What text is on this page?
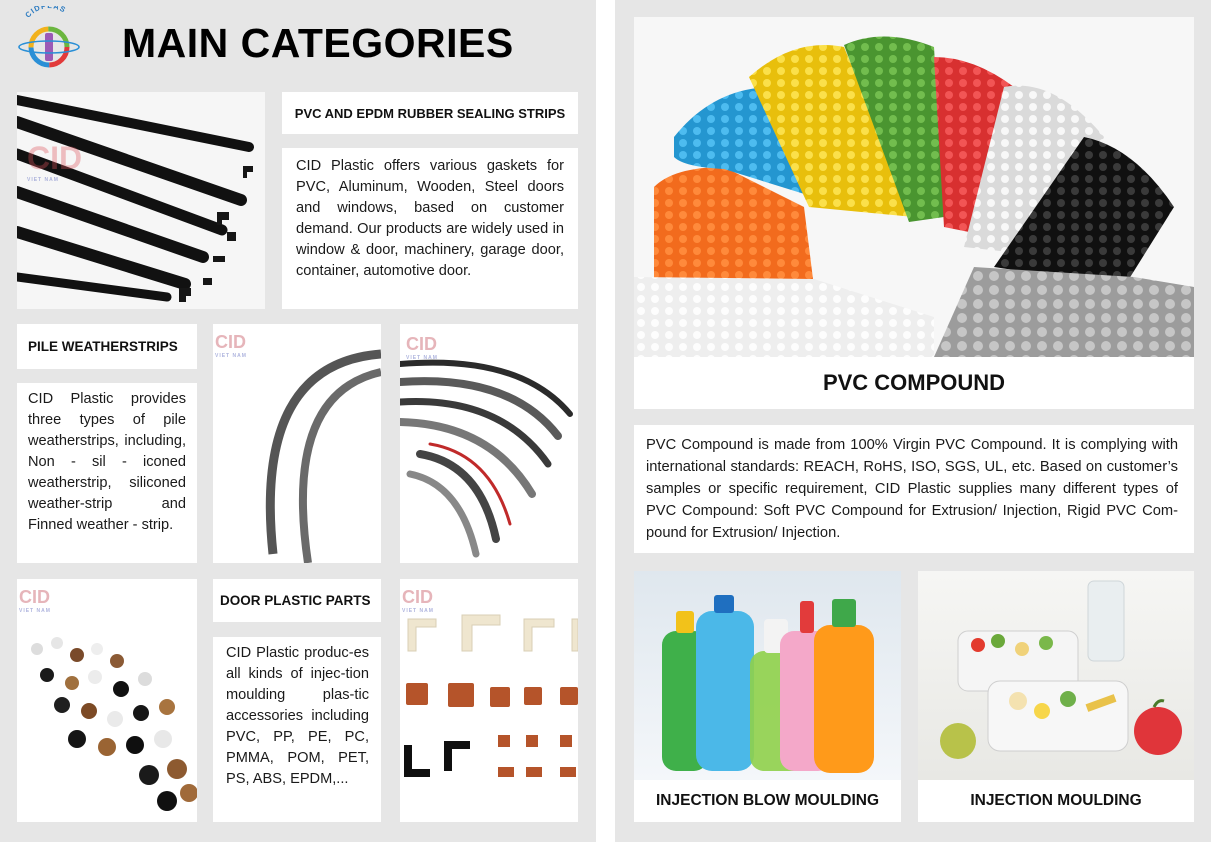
CIDP AS
MAIN CATEGORIES
CID
VIET NAM
PVC AND EPDM RUBBER SEALING STRIPS
CID Plastic offers various gaskets for PVC, Aluminum, Wooden, Steel doors and windows, based on customer demand. Our products are widely used in window & door, machinery, garage door, container, automotive door.
PILE WEATHERSTRIPS
CID Plastic provides three types of pile weatherstrips, including, Non - sil - iconed weatherstrip, siliconed weather-strip and Finned weather - strip.
CID
VIET NAM
CID
VIET NAM
CID
VIET NAM
DOOR PLASTIC PARTS
CID Plastic produc-es all kinds of injec-tion moulding plas-tic accessories including PVC, PP, PE, PC, PMMA, POM, PET, PS, ABS, EPDM,...
CID
VIET NAM
PVC COMPOUND
PVC Compound is made from 100% Virgin PVC Compound. It is complying with international standards: REACH, RoHS, ISO, SGS, UL, etc. Based on customer’s samples or specific requirement, CID Plastic supplies many different types of PVC Compound: Soft PVC Compound for Extrusion/ Injection, Rigid PVC Com-pound for Extrusion/ Injection.
INJECTION BLOW MOULDING	INJECTION MOULDING
